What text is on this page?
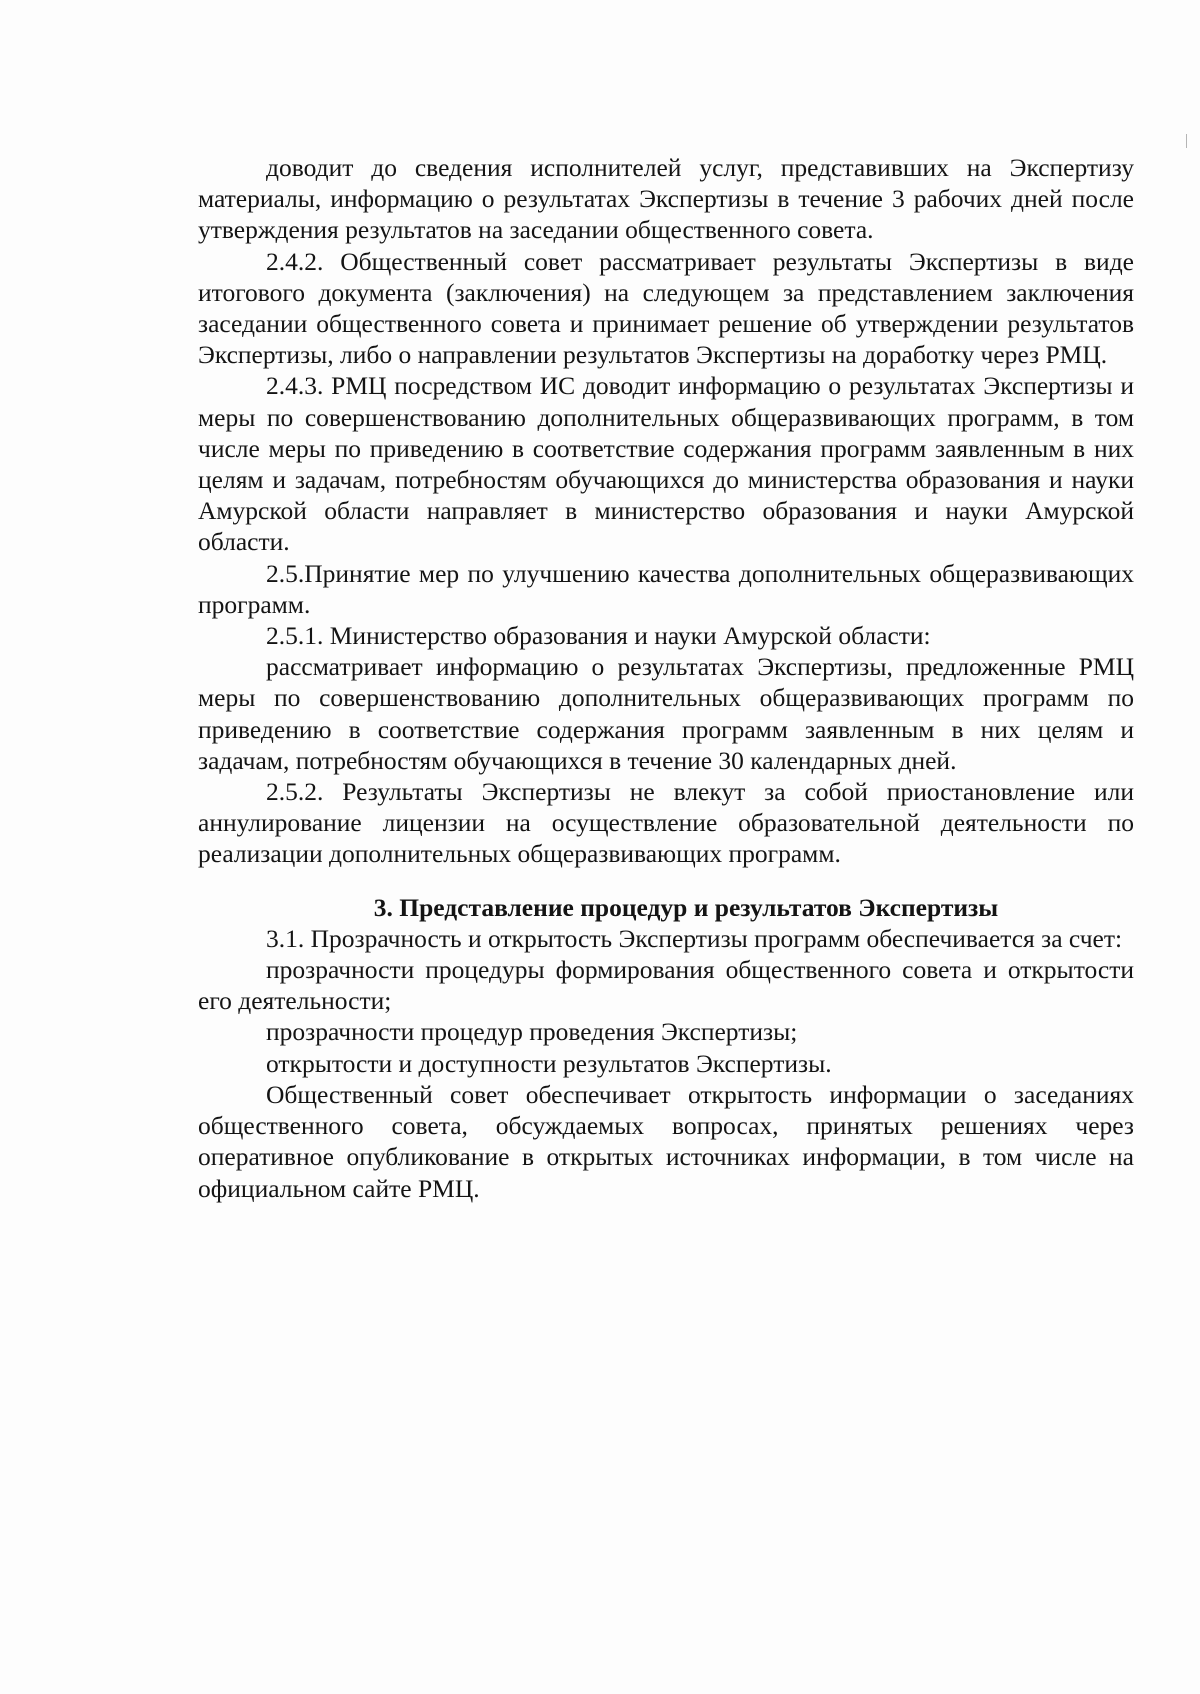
доводит до сведения исполнителей услуг, представивших на Экспертизу материалы, информацию о результатах Экспертизы в течение 3 рабочих дней после утверждения результатов на заседании общественного совета.

2.4.2. Общественный совет рассматривает результаты Экспертизы в виде итогового документа (заключения) на следующем за представлением заключения заседании общественного совета и принимает решение об утверждении результатов Экспертизы, либо о направлении результатов Экспертизы на доработку через РМЦ.

2.4.3. РМЦ посредством ИС доводит информацию о результатах Экспертизы и меры по совершенствованию дополнительных общеразвивающих программ, в том числе меры по приведению в соответствие содержания программ заявленным в них целям и задачам, потребностям обучающихся до министерства образования и науки Амурской области направляет в министерство образования и науки Амурской области.

2.5.Принятие мер по улучшению качества дополнительных общеразвивающих программ.

2.5.1. Министерство образования и науки Амурской области:

рассматривает информацию о результатах Экспертизы, предложенные РМЦ меры по совершенствованию дополнительных общеразвивающих программ по приведению в соответствие содержания программ заявленным в них целям и задачам, потребностям обучающихся в течение 30 календарных дней.

2.5.2. Результаты Экспертизы не влекут за собой приостановление или аннулирование лицензии на осуществление образовательной деятельности по реализации дополнительных общеразвивающих программ.

3. Представление процедур и результатов Экспертизы

3.1. Прозрачность и открытость Экспертизы программ обеспечивается за счет:

прозрачности процедуры формирования общественного совета и открытости его деятельности;

прозрачности процедур проведения Экспертизы;

открытости и доступности результатов Экспертизы.

Общественный совет обеспечивает открытость информации о заседаниях общественного совета, обсуждаемых вопросах, принятых решениях через оперативное опубликование в открытых источниках информации, в том числе на официальном сайте РМЦ.
